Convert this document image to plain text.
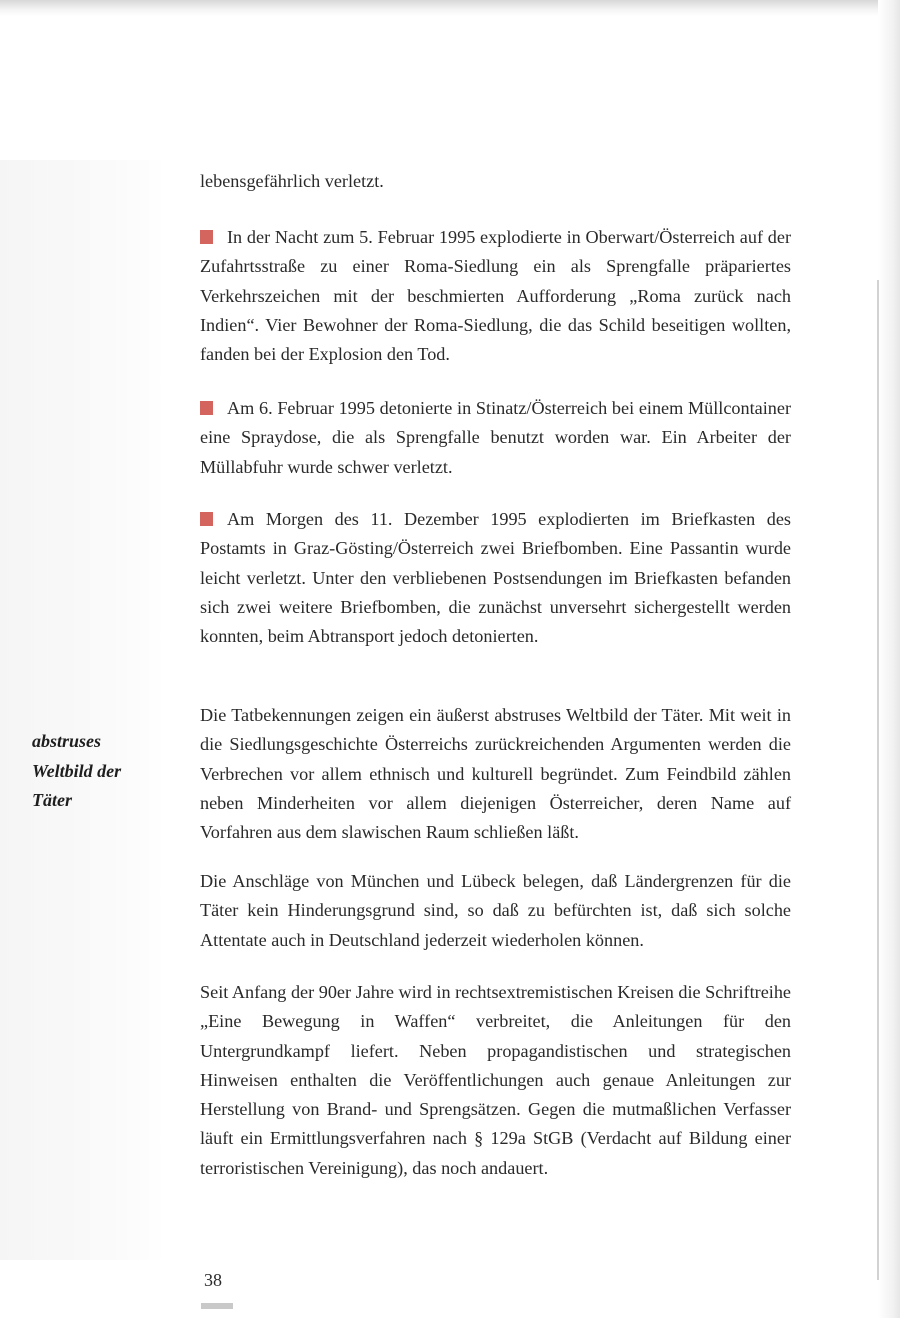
abstruses
Weltbild der
Täter

lebensgefährlich verletzt.

In der Nacht zum 5. Februar 1995 explodierte in Oberwart/Österreich auf der Zufahrtsstraße zu einer Roma-Siedlung ein als Sprengfalle präpariertes Verkehrszeichen mit der beschmierten Aufforderung „Roma zurück nach Indien“. Vier Bewohner der Roma-Siedlung, die das Schild beseitigen wollten, fanden bei der Explosion den Tod.

Am 6. Februar 1995 detonierte in Stinatz/Österreich bei einem Müllcontainer eine Spraydose, die als Sprengfalle benutzt worden war. Ein Arbeiter der Müllabfuhr wurde schwer verletzt.

Am Morgen des 11. Dezember 1995 explodierten im Briefkasten des Postamts in Graz-Gösting/Österreich zwei Briefbomben. Eine Passantin wurde leicht verletzt. Unter den verbliebenen Postsendungen im Briefkasten befanden sich zwei weitere Briefbomben, die zunächst unversehrt sichergestellt werden konnten, beim Abtransport jedoch detonierten.

Die Tatbekennungen zeigen ein äußerst abstruses Weltbild der Täter. Mit weit in die Siedlungsgeschichte Österreichs zurückreichenden Argumenten werden die Verbrechen vor allem ethnisch und kulturell begründet. Zum Feindbild zählen neben Minderheiten vor allem diejenigen Österreicher, deren Name auf Vorfahren aus dem slawischen Raum schließen läßt.

Die Anschläge von München und Lübeck belegen, daß Ländergrenzen für die Täter kein Hinderungsgrund sind, so daß zu befürchten ist, daß sich solche Attentate auch in Deutschland jederzeit wiederholen können.

Seit Anfang der 90er Jahre wird in rechtsextremistischen Kreisen die Schriftreihe „Eine Bewegung in Waffen“ verbreitet, die Anleitungen für den Untergrundkampf liefert. Neben propagandistischen und strategischen Hinweisen enthalten die Veröffentlichungen auch genaue Anleitungen zur Herstellung von Brand- und Sprengsätzen. Gegen die mutmaßlichen Verfasser läuft ein Ermittlungsverfahren nach § 129a StGB (Verdacht auf Bildung einer terroristischen Vereinigung), das noch andauert.

38
